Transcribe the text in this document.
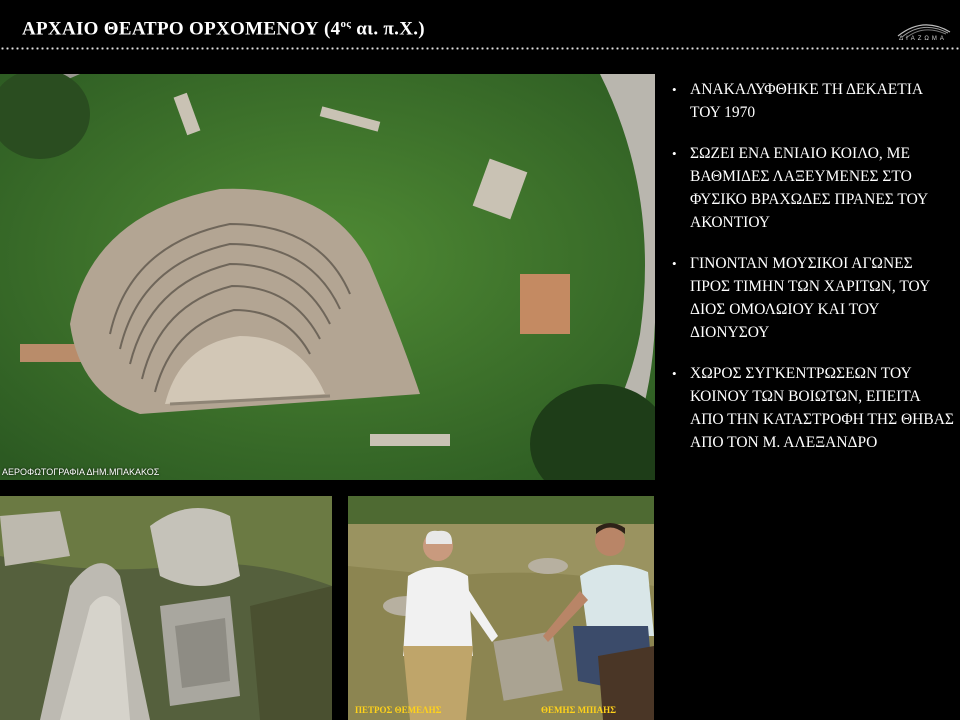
ΑΡΧΑΙΟ ΘΕΑΤΡΟ ΟΡΧΟΜΕΝΟΥ ($4^{o\varsigma}$ αι. π.Χ.)	ΔΙΑΖΩΜΑ
ΑΕΡΟΦΩΤΟΓΡΑΦΙΑ ΔΗΜ.ΜΠΑΚΑΚΟΣ
ΠΕΤΡΟΣ ΘΕΜΕΛΗΣ	ΘΕΜΗΣ ΜΠΙΑΗΣ
• ΑΝΑΚΑΛΥΦΘΗΚΕ ΤΗ ΔΕΚΑΕΤΙΑ ΤΟΥ 1970
• ΣΩΖΕΙ ΕΝΑ ΕΝΙΑΙΟ ΚΟΙΛΟ, ΜΕ ΒΑΘΜΙΔΕΣ ΛΑΞΕΥΜΕΝΕΣ ΣΤΟ ΦΥΣΙΚΟ ΒΡΑΧΩΔΕΣ ΠΡΑΝΕΣ ΤΟΥ ΑΚΟΝΤΙΟΥ
• ΓΙΝΟΝΤΑΝ ΜΟΥΣΙΚΟΙ ΑΓΩΝΕΣ ΠΡΟΣ ΤΙΜΗΝ ΤΩΝ ΧΑΡΙΤΩΝ, ΤΟΥ ΔΙΟΣ ΟΜΟΛΩΙΟΥ ΚΑΙ ΤΟΥ ΔΙΟΝΥΣΟΥ
• ΧΩΡΟΣ ΣΥΓΚΕΝΤΡΩΣΕΩΝ ΤΟΥ ΚΟΙΝΟΥ ΤΩΝ ΒΟΙΩΤΩΝ, ΕΠΕΙΤΑ ΑΠΟ ΤΗΝ ΚΑΤΑΣΤΡΟΦΗ ΤΗΣ ΘΗΒΑΣ ΑΠΟ ΤΟΝ Μ. ΑΛΕΞΑΝΔΡΟ
